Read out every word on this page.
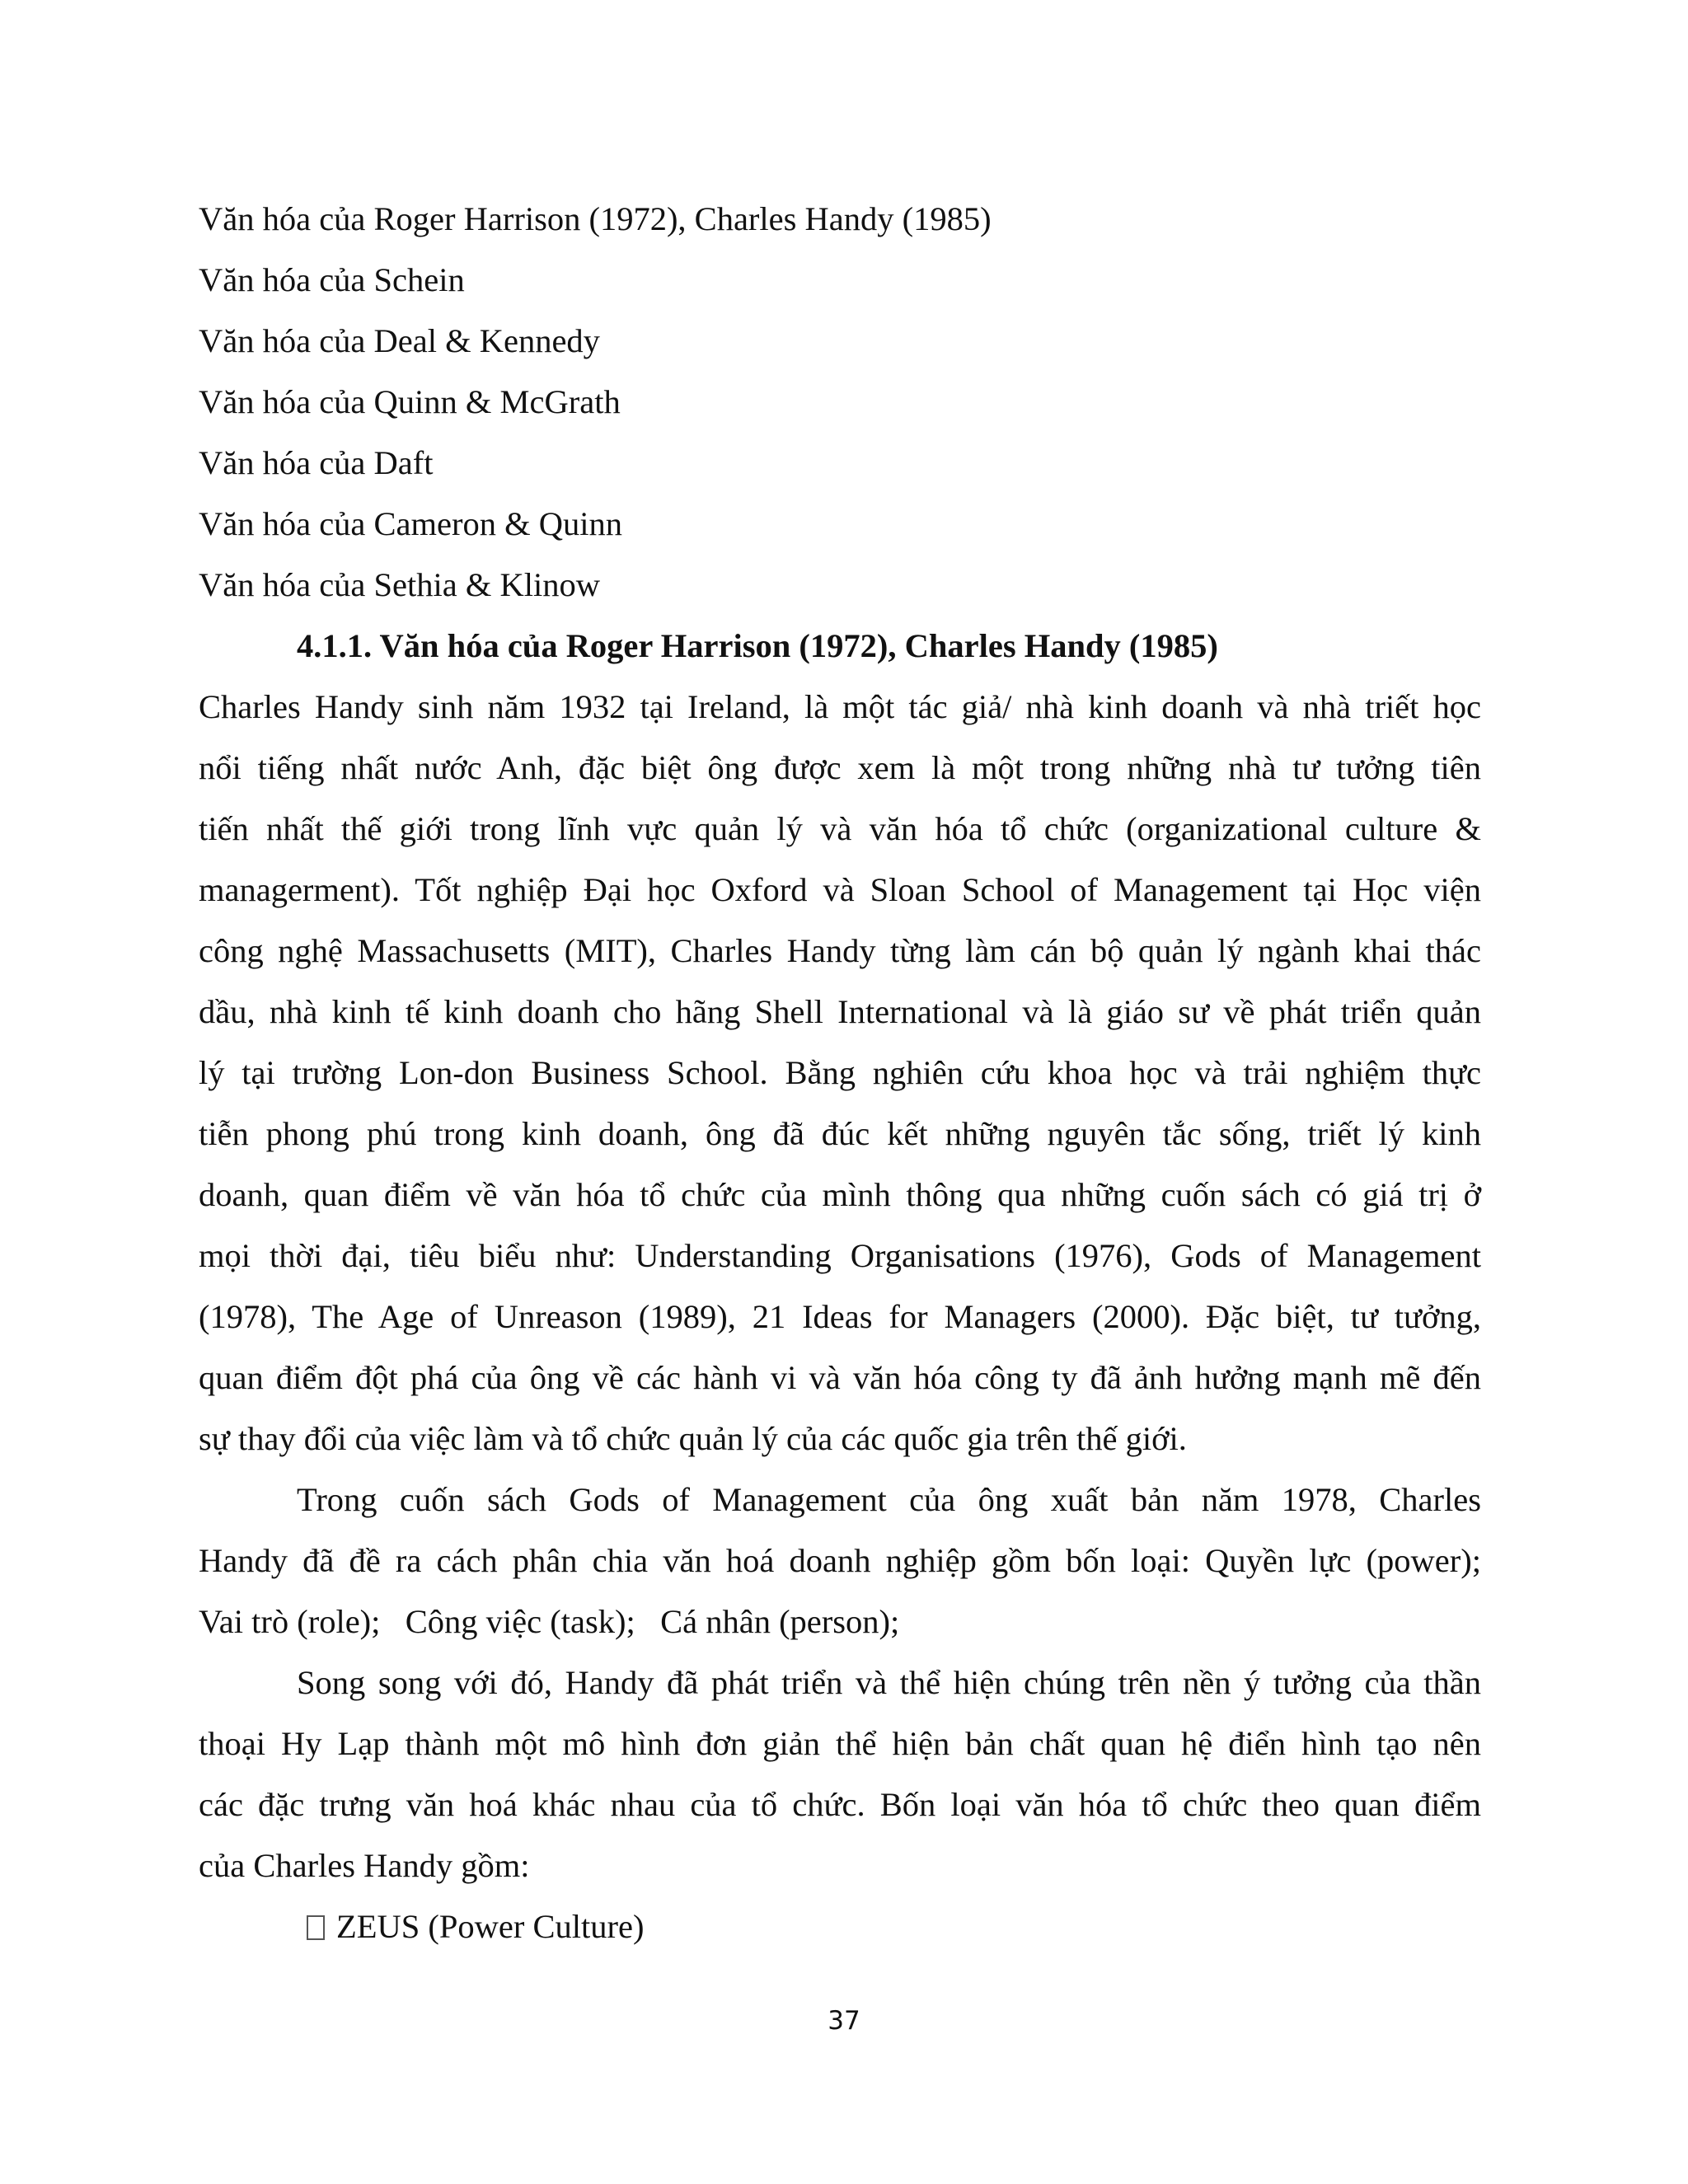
Văn hóa của Roger Harrison (1972), Charles Handy (1985)
Văn hóa của Schein
Văn hóa của Deal & Kennedy
Văn hóa của Quinn & McGrath
Văn hóa của Daft
Văn hóa của Cameron & Quinn
Văn hóa của Sethia & Klinow
4.1.1. Văn hóa của Roger Harrison (1972), Charles Handy (1985)
Charles Handy sinh năm 1932 tại Ireland, là một tác giả/ nhà kinh doanh và nhà triết học
nổi tiếng nhất nước Anh, đặc biệt ông được xem là một trong những nhà tư tưởng tiên
tiến nhất thế giới trong lĩnh vực quản lý và văn hóa tổ chức (organizational culture &
managerment). Tốt nghiệp Đại học Oxford và Sloan School of Management tại Học viện
công nghệ Massachusetts (MIT), Charles Handy từng làm cán bộ quản lý ngành khai thác
dầu, nhà kinh tế kinh doanh cho hãng Shell International và là giáo sư về phát triển quản
lý tại trường Lon-don Business School. Bằng nghiên cứu khoa học và trải nghiệm thực
tiễn phong phú trong kinh doanh, ông đã đúc kết những nguyên tắc sống, triết lý kinh
doanh, quan điểm về văn hóa tổ chức của mình thông qua những cuốn sách có giá trị ở
mọi thời đại, tiêu biểu như: Understanding Organisations (1976), Gods of Management
(1978), The Age of Unreason (1989), 21 Ideas for Managers (2000). Đặc biệt, tư tưởng,
quan điểm đột phá của ông về các hành vi và văn hóa công ty đã ảnh hưởng mạnh mẽ đến
sự thay đổi của việc làm và tổ chức quản lý của các quốc gia trên thế giới.
Trong cuốn sách Gods of Management của ông xuất bản năm 1978, Charles
Handy đã đề ra cách phân chia văn hoá doanh nghiệp gồm bốn loại: Quyền lực (power);
Vai trò (role);   Công việc (task);   Cá nhân (person);
Song song với đó, Handy đã phát triển và thể hiện chúng trên nền ý tưởng của thần
thoại Hy Lạp thành một mô hình đơn giản thể hiện bản chất quan hệ điển hình tạo nên
các đặc trưng văn hoá khác nhau của tổ chức. Bốn loại văn hóa tổ chức theo quan điểm
của Charles Handy gồm:
ZEUS (Power Culture)
37
